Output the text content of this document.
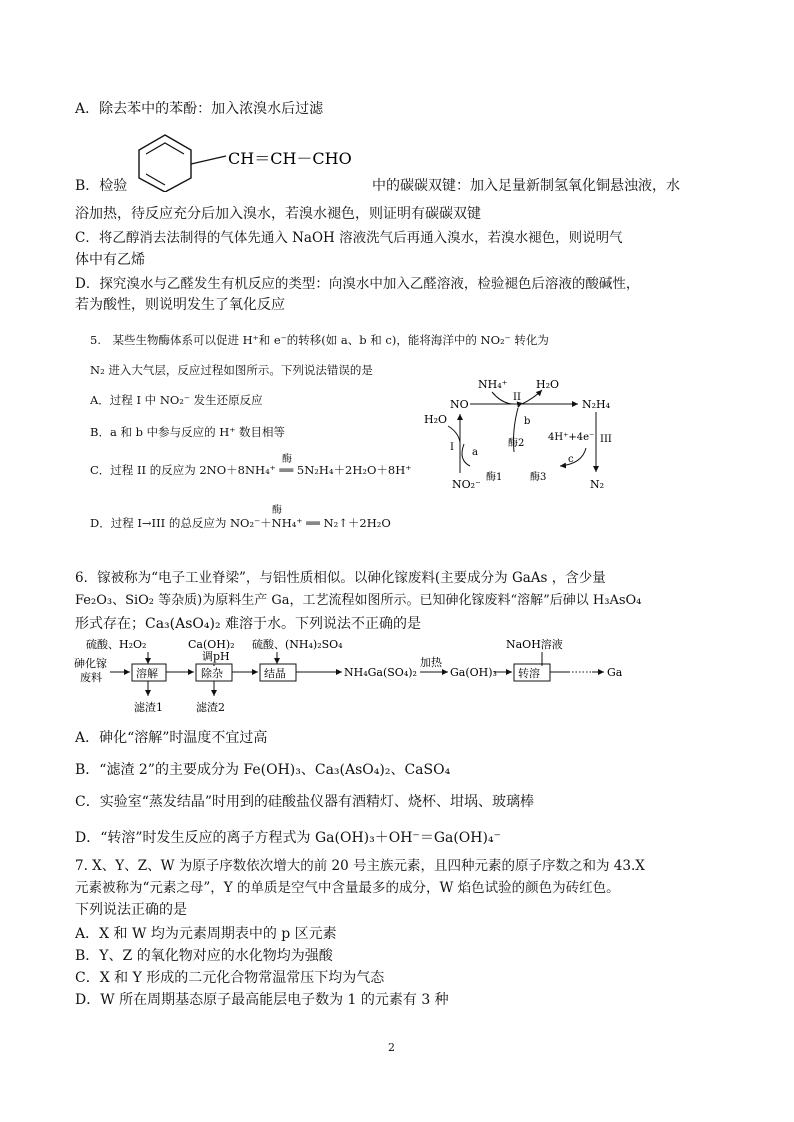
A．除去苯中的苯酚：加入浓溴水后过滤
CH＝CH－CHO
B．检验	中的碳碳双键：加入足量新制氢氧化铜悬浊液，水
浴加热，待反应充分后加入溴水，若溴水褪色，则证明有碳碳双键
C．将乙醇消去法制得的气体先通入 NaOH 溶液洗气后再通入溴水，若溴水褪色，则说明气
体中有乙烯
D．探究溴水与乙醛发生有机反应的类型：向溴水中加入乙醛溶液，检验褪色后溶液的酸碱性，
若为酸性，则说明发生了氧化反应
5.　某些生物酶体系可以促进 H⁺和 e⁻的转移(如 a、b 和 c)，能将海洋中的 NO₂⁻ 转化为
N₂ 进入大气层，反应过程如图所示。下列说法错误的是
A．过程 I 中 NO₂⁻ 发生还原反应
B．a 和 b 中参与反应的 H⁺ 数目相等
C．过程 II 的反应为 2NO＋8NH₄⁺ ══ 5N₂H₄＋2H₂O＋8H⁺
酶
D．过程 I→III 的总反应为 NO₂⁻＋NH₄⁺ ══ N₂↑＋2H₂O
酶
NH₄⁺	H₂O
NO
II
N₂H₄
H₂O
I a
b
酶2
酶1	酶3
4H⁺+4e⁻
c
III
NO₂⁻	N₂
6．镓被称为“电子工业脊梁”，与铝性质相似。以砷化镓废料(主要成分为 GaAs ，含少量
Fe₂O₃、SiO₂ 等杂质)为原料生产 Ga，工艺流程如图所示。已知砷化镓废料“溶解”后砷以 H₃AsO₄
形式存在；Ca₃(AsO₄)₂ 难溶于水。下列说法不正确的是
硫酸、H₂O₂	Ca(OH)₂
调pH
硫酸、(NH₄)₂SO₄	NaOH溶液
砷化镓
废料	溶解	除杂	结晶	NH₄Ga(SO₄)₂
加热
Ga(OH)₃ 转溶	Ga
滤渣1	滤渣2
A．砷化“溶解”时温度不宜过高
B．“滤渣 2”的主要成分为 Fe(OH)₃、Ca₃(AsO₄)₂、CaSO₄
C．实验室“蒸发结晶”时用到的硅酸盐仪器有酒精灯、烧杯、坩埚、玻璃棒
D．“转溶”时发生反应的离子方程式为 Ga(OH)₃＋OH⁻＝Ga(OH)₄⁻
7. X、Y、Z、W 为原子序数依次增大的前 20 号主族元素，且四种元素的原子序数之和为 43.X
元素被称为“元素之母”，Y 的单质是空气中含量最多的成分，W 焰色试验的颜色为砖红色。
下列说法正确的是
A．X 和 W 均为元素周期表中的 p 区元素
B．Y、Z 的氧化物对应的水化物均为强酸
C．X 和 Y 形成的二元化合物常温常压下均为气态
D．W 所在周期基态原子最高能层电子数为 1 的元素有 3 种
2
